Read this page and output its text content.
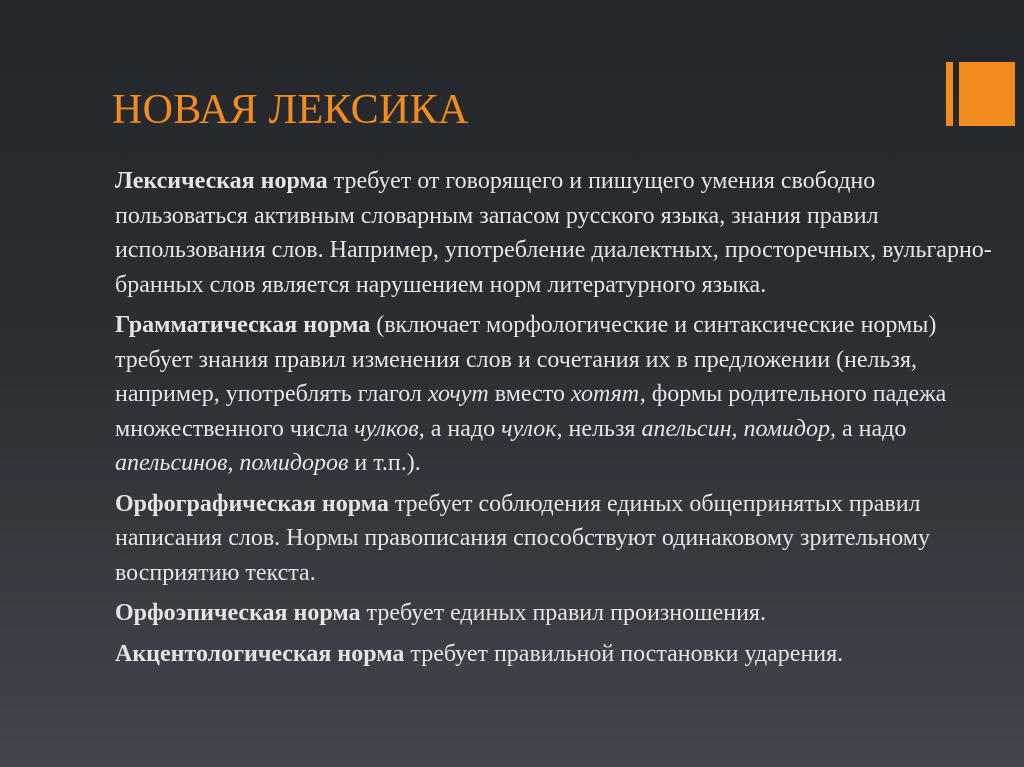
НОВАЯ ЛЕКСИКА

Лексическая норма требует от говорящего и пишущего умения свободно пользоваться активным словарным запасом русского языка, знания правил использования слов. Например, употребление диалектных, просторечных, вульгарно-бранных слов является нарушением норм литературного языка.

Грамматическая норма (включает морфологические и синтаксические нормы) требует знания правил изменения слов и сочетания их в предложении (нельзя, например, употреблять глагол хочут вместо хотят, формы родительного падежа множественного числа чулков, а надо чулок, нельзя апельсин, помидор, а надо апельсинов, помидоров и т.п.).

Орфографическая норма требует соблюдения единых общепринятых правил написания слов. Нормы правописания способствуют одинаковому зрительному восприятию текста.

Орфоэпическая норма требует единых правил произношения.

Акцентологическая норма требует правильной постановки ударения.
